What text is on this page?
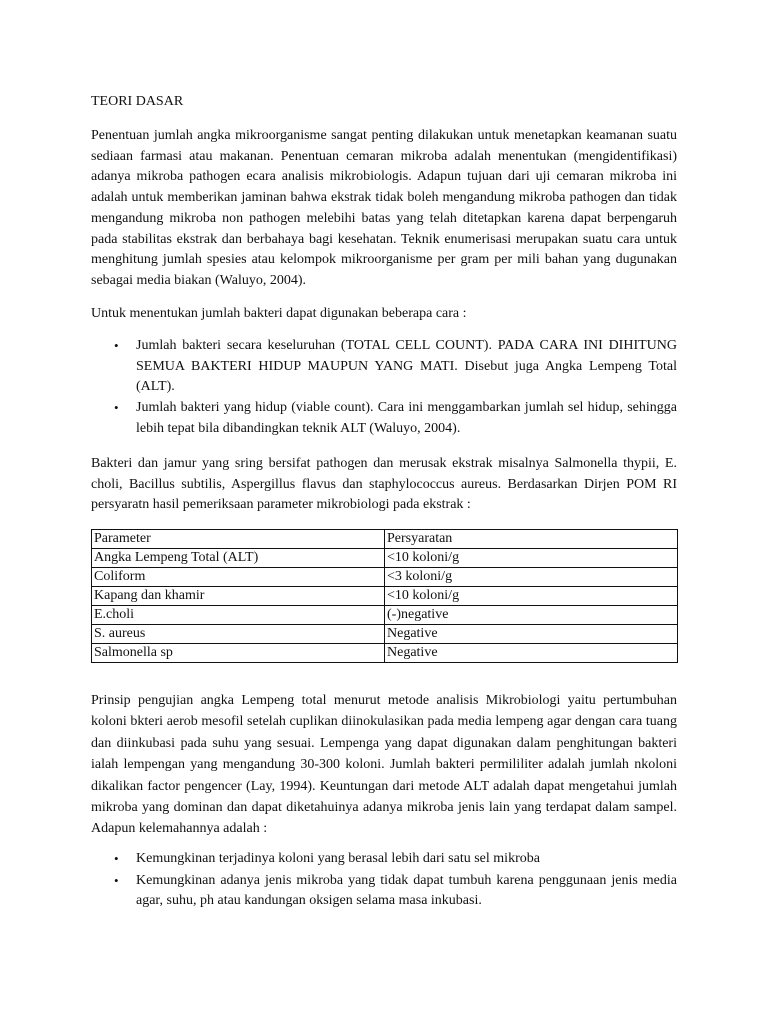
TEORI DASAR

Penentuan jumlah angka mikroorganisme sangat penting dilakukan untuk menetapkan keamanan suatu sediaan farmasi atau makanan. Penentuan cemaran mikroba adalah menentukan (mengidentifikasi) adanya mikroba pathogen ecara analisis mikrobiologis. Adapun tujuan dari uji cemaran mikroba ini adalah untuk memberikan jaminan bahwa ekstrak tidak boleh mengandung mikroba pathogen dan tidak mengandung mikroba non pathogen melebihi batas yang telah ditetapkan karena dapat berpengaruh pada stabilitas ekstrak dan berbahaya bagi kesehatan. Teknik enumerisasi merupakan suatu cara untuk menghitung jumlah spesies atau kelompok mikroorganisme per gram per mili bahan yang dugunakan sebagai media biakan (Waluyo, 2004).

Untuk menentukan jumlah bakteri dapat digunakan beberapa cara :

• Jumlah bakteri secara keseluruhan (TOTAL CELL COUNT). PADA CARA INI DIHITUNG SEMUA BAKTERI HIDUP MAUPUN YANG MATI. Disebut juga Angka Lempeng Total (ALT).
• Jumlah bakteri yang hidup (viable count). Cara ini menggambarkan jumlah sel hidup, sehingga lebih tepat bila dibandingkan teknik ALT (Waluyo, 2004).

Bakteri dan jamur yang sring bersifat pathogen dan merusak ekstrak misalnya Salmonella thypii, E. choli, Bacillus subtilis, Aspergillus flavus dan staphylococcus aureus. Berdasarkan Dirjen POM RI persyaratn hasil pemeriksaan parameter mikrobiologi pada ekstrak :

Parameter	Persyaratan
Angka Lempeng Total (ALT)	<10 koloni/g
Coliform	<3 koloni/g
Kapang dan khamir	<10 koloni/g
E.choli	(-)negative
S. aureus	Negative
Salmonella sp	Negative

Prinsip pengujian angka Lempeng total menurut metode analisis Mikrobiologi yaitu pertumbuhan koloni bkteri aerob mesofil setelah cuplikan diinokulasikan pada media lempeng agar dengan cara tuang dan diinkubasi pada suhu yang sesuai. Lempenga yang dapat digunakan dalam penghitungan bakteri ialah lempengan yang mengandung 30-300 koloni. Jumlah bakteri permililiter adalah jumlah nkoloni dikalikan factor pengencer (Lay, 1994). Keuntungan dari metode ALT adalah dapat mengetahui jumlah mikroba yang dominan dan dapat diketahuinya adanya mikroba jenis lain yang terdapat dalam sampel. Adapun kelemahannya adalah :

• Kemungkinan terjadinya koloni yang berasal lebih dari satu sel mikroba
• Kemungkinan adanya jenis mikroba yang tidak dapat tumbuh karena penggunaan jenis media agar, suhu, ph atau kandungan oksigen selama masa inkubasi.
